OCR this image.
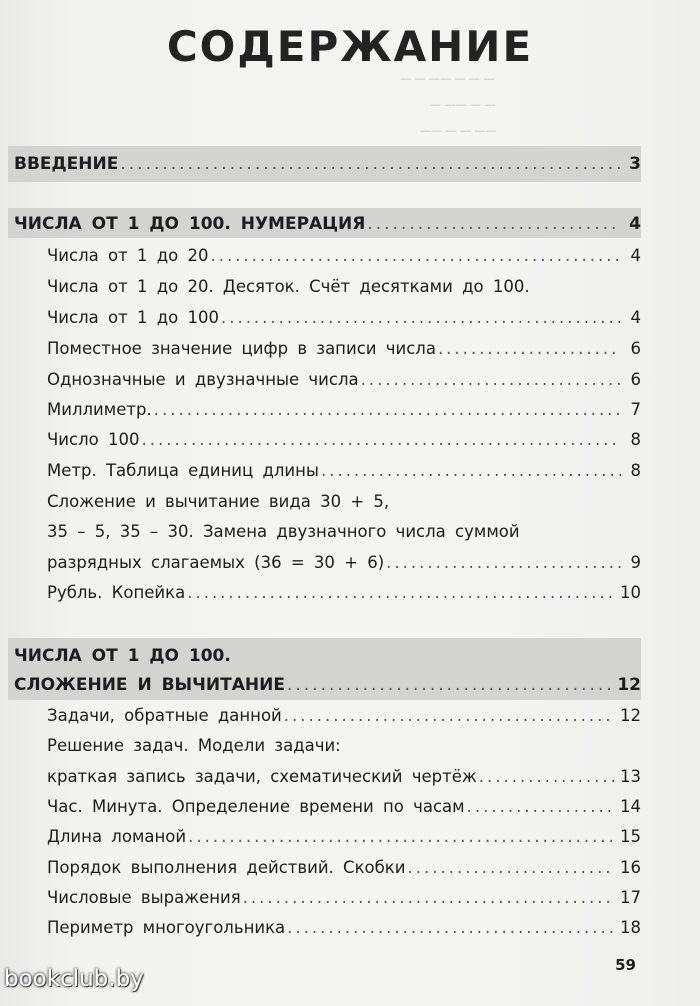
СОДЕРЖАНИЕ
— — —— — — —
— —— — —
—— — — ——
ВВЕДЕНИЕ .....	3
ЧИСЛА ОТ 1 ДО 100. НУМЕРАЦИЯ .....	4
Числа от 1 до 20 .....	4
Числа от 1 до 20. Десяток. Счёт десятками до 100.
Числа от 1 до 100 .....	4
Поместное значение цифр в записи числа .....	6
Однозначные и двузначные числа .....	6
Миллиметр. .....	7
Число 100 .....	8
Метр. Таблица единиц длины .....	8
Сложение и вычитание вида 30 + 5,
35 – 5, 35 – 30. Замена двузначного числа суммой
разрядных слагаемых (36 = 30 + 6) .....	9
Рубль. Копейка .....	10
ЧИСЛА ОТ 1 ДО 100.
СЛОЖЕНИЕ И ВЫЧИТАНИЕ .....	12
Задачи, обратные данной .....	12
Решение задач. Модели задачи:
краткая запись задачи, схематический чертёж .....	13
Час. Минута. Определение времени по часам .....	14
Длина ломаной .....	15
Порядок выполнения действий. Скобки .....	16
Числовые выражения .....	17
Периметр многоугольника .....	18
59
bookclub.by
